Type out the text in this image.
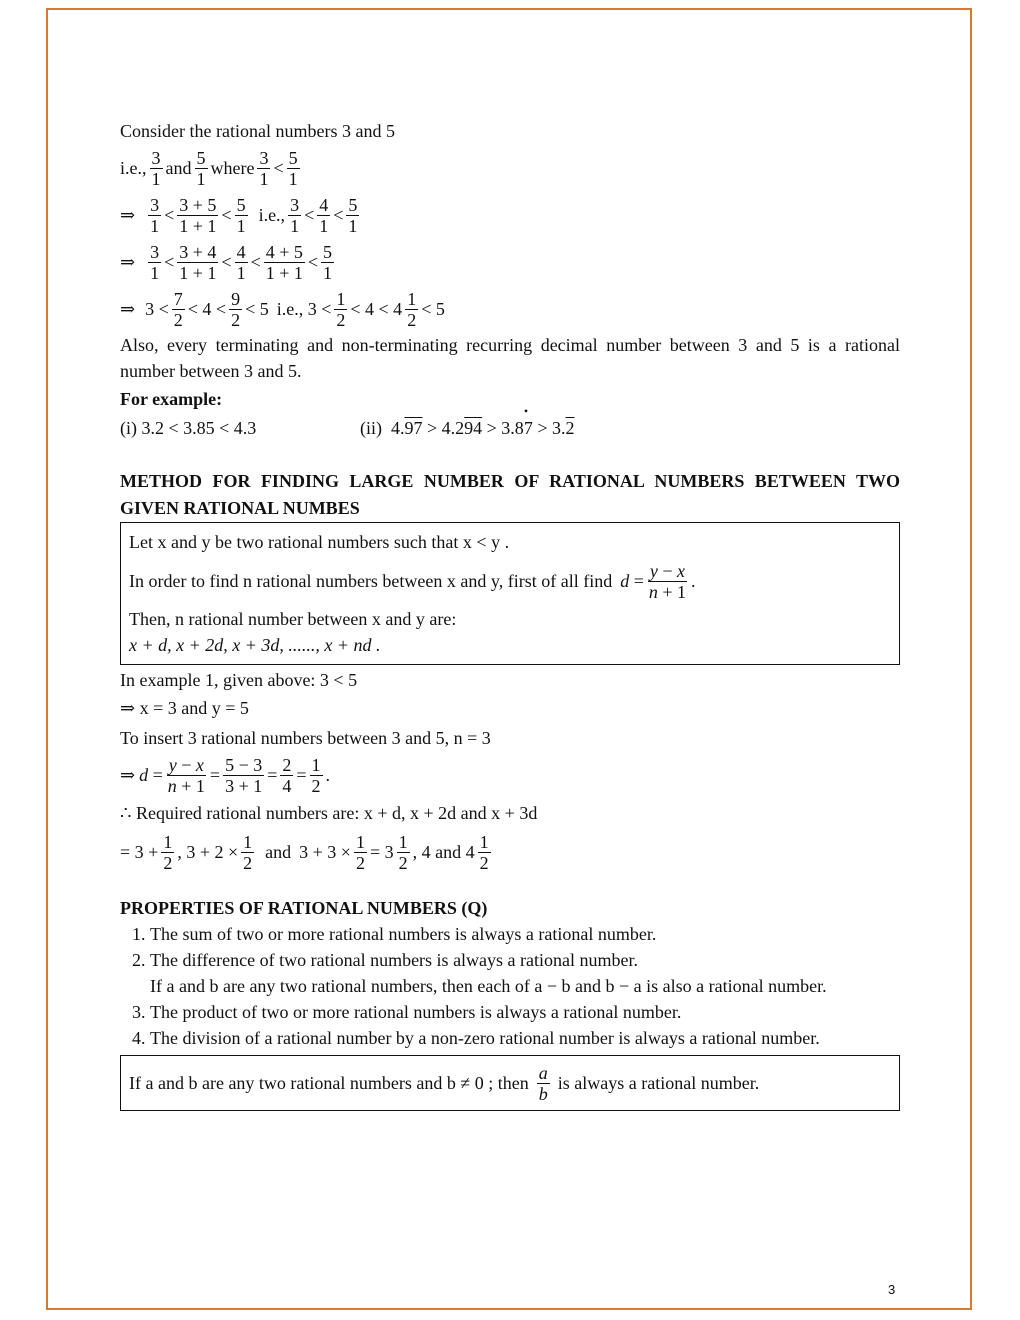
Consider the rational numbers 3 and 5
i.e., $\frac{3}{1}$ and $\frac{5}{1}$ where $\frac{3}{1} < \frac{5}{1}$
⇒ $\frac{3}{1} < \frac{3 + 5}{1 + 1} < \frac{5}{1} i.e$., $\frac{3}{1} < \frac{4}{1} < \frac{5}{1}$
⇒ $\frac{3}{1} < \frac{3 + 4}{1 + 1} < \frac{4}{1} < \frac{4 + 5}{1 + 1} < \frac{5}{1}$
⇒ $3 < \frac{7}{2} < 4 < \frac{9}{2} < 5$
i.e., $3 < \frac{1}{2} < 4 < 4 \frac{1}{2} < 5$
Also, every terminating and non-terminating recurring decimal number between 3 and 5 is a rational number between 3 and 5.
For example:
(i) 3.2 < 3.85 < 4.3	(ii)  4.97 > 4.294 > 3.87 • > 3.2
METHOD FOR FINDING LARGE NUMBER OF RATIONAL NUMBERS BETWEEN TWO GIVEN RATIONAL NUMBES
Let x and y be two rational numbers such that x < y .
In order to find n rational numbers between x and y, first of all find $d = \frac{y - x}{n + 1}$ .
Then, n rational number between x and y are:
x + d, x + 2d, x + 3d, ......, x + nd .
In example 1, given above: 3 < 5
⇒ x = 3 and y = 5
To insert 3 rational numbers between 3 and 5, n = 3
⇒ $d = \frac{y - x}{n + 1} = \frac{5 - 3}{3 + 1} = \frac{2}{4} = \frac{1}{2}$ .
∴ Required rational numbers are: x + d, x + 2d and x + 3d
= $3 + \frac{1}{2}$ , $3 + 2 \times \frac{1}{2}$ and
$3 + 3 \times \frac{1}{2} = 3 \frac{1}{2}$ , 4 and $4 \frac{1}{2}$
PROPERTIES OF RATIONAL NUMBERS (Q)
1. The sum of two or more rational numbers is always a rational number.
2. The difference of two rational numbers is always a rational number.
If a and b are any two rational numbers, then each of a − b and b − a is also a rational number.
3. The product of two or more rational numbers is always a rational number.
4. The division of a rational number by a non-zero rational number is always a rational number.
If a and b are any two rational numbers and b ≠ 0 ; then $\frac{a}{b}$ is always a rational number.
3
